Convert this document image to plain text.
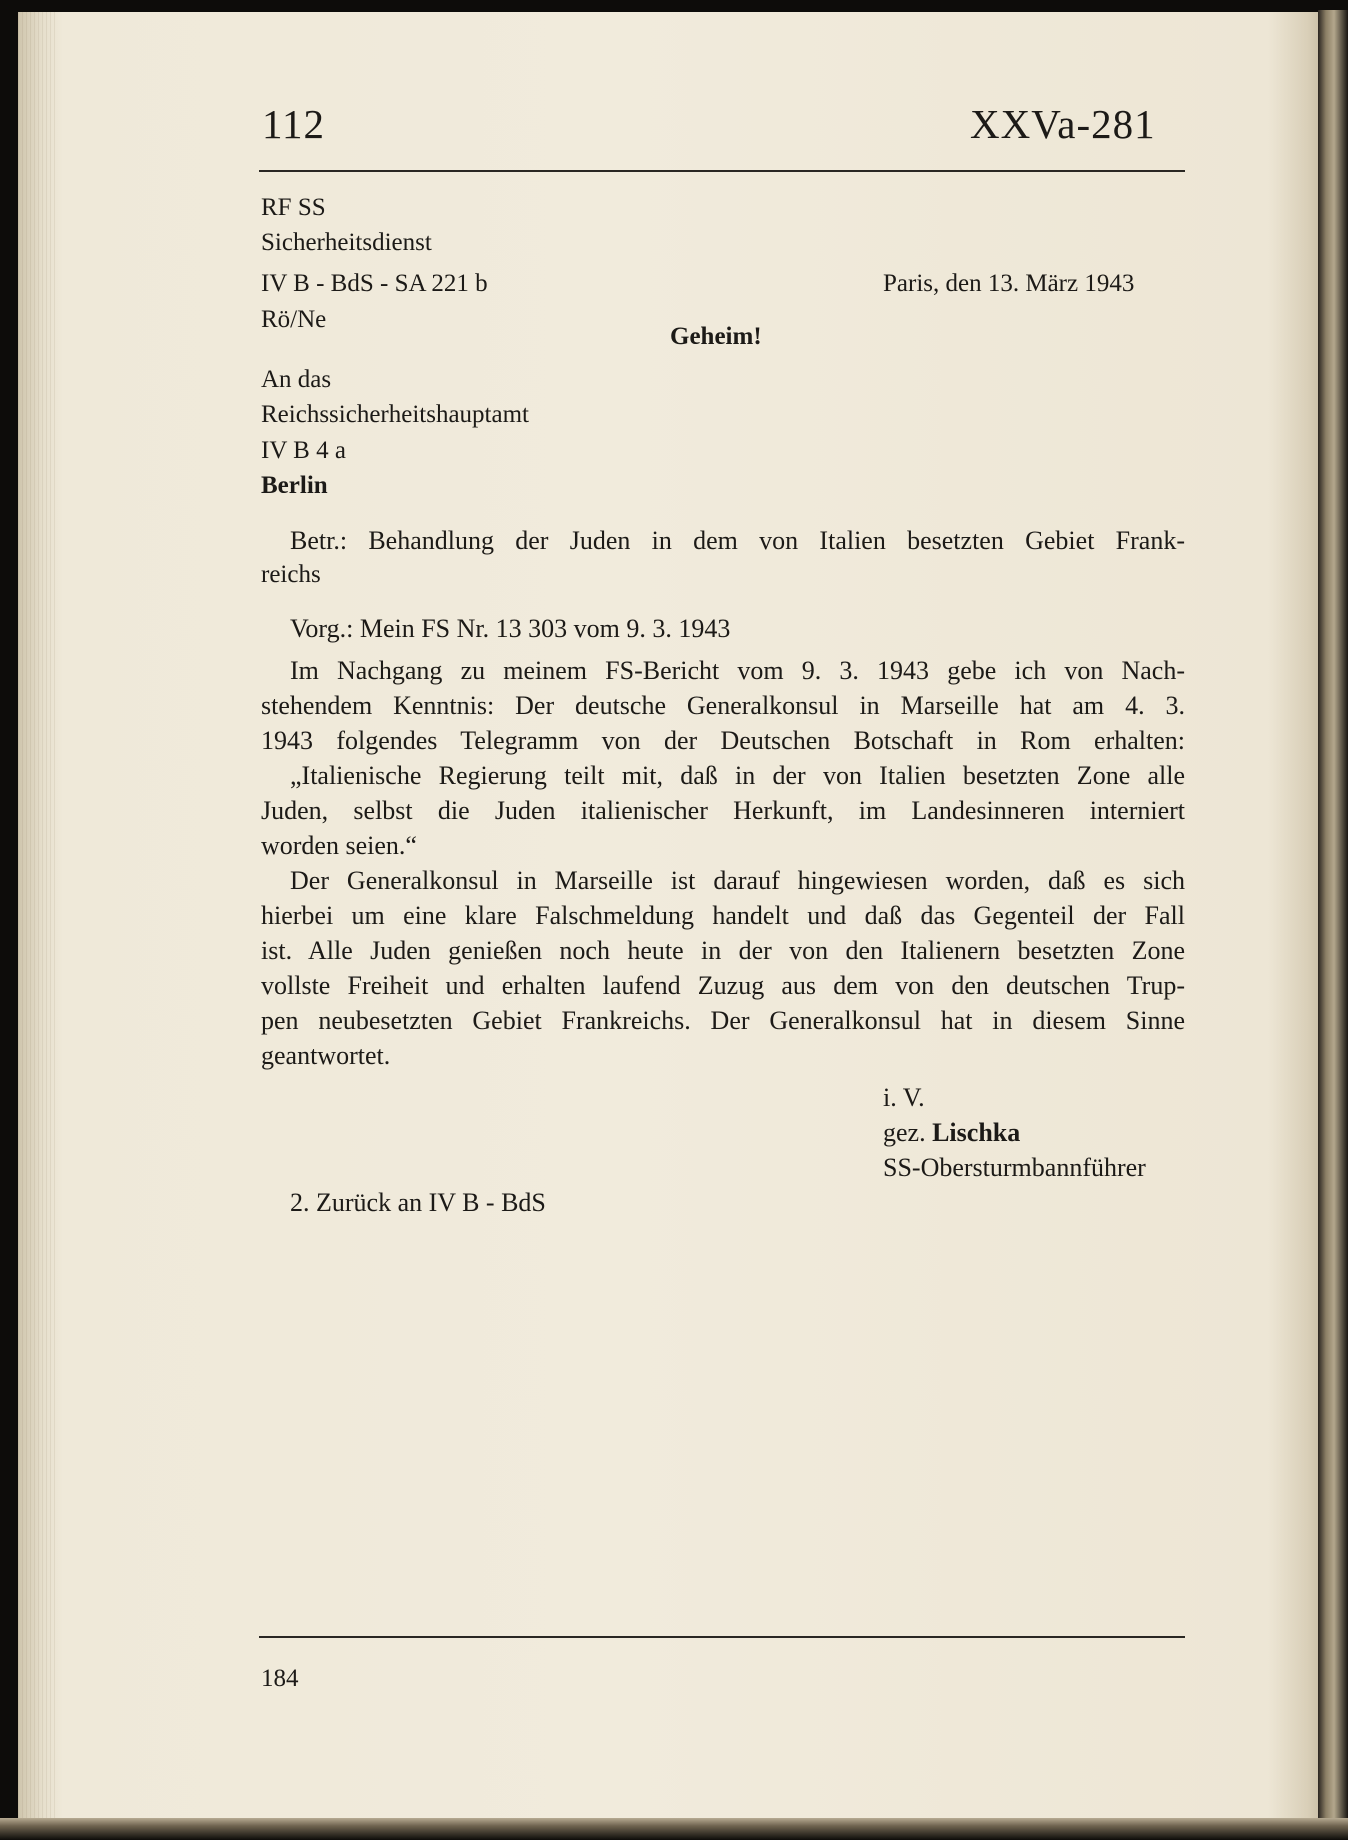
112	XXVa-281
RF SS
Sicherheitsdienst
IV B - BdS - SA 221 b
Rö/Ne
Paris, den 13. März 1943
Geheim!
An das
Reichssicherheitshauptamt
IV B 4 a
Berlin
Betr.: Behandlung der Juden in dem von Italien besetzten Gebiet Frank-
reichs
Vorg.: Mein FS Nr. 13 303 vom 9. 3. 1943
Im Nachgang zu meinem FS-Bericht vom 9. 3. 1943 gebe ich von Nach-
stehendem Kenntnis: Der deutsche Generalkonsul in Marseille hat am 4. 3.
1943 folgendes Telegramm von der Deutschen Botschaft in Rom erhalten:
„Italienische Regierung teilt mit, daß in der von Italien besetzten Zone alle
Juden, selbst die Juden italienischer Herkunft, im Landesinneren interniert
worden seien.“
Der Generalkonsul in Marseille ist darauf hingewiesen worden, daß es sich
hierbei um eine klare Falschmeldung handelt und daß das Gegenteil der Fall
ist. Alle Juden genießen noch heute in der von den Italienern besetzten Zone
vollste Freiheit und erhalten laufend Zuzug aus dem von den deutschen Trup-
pen neubesetzten Gebiet Frankreichs. Der Generalkonsul hat in diesem Sinne
geantwortet.
i. V.
gez. Lischka
SS-Obersturmbannführer
2. Zurück an IV B - BdS
184
